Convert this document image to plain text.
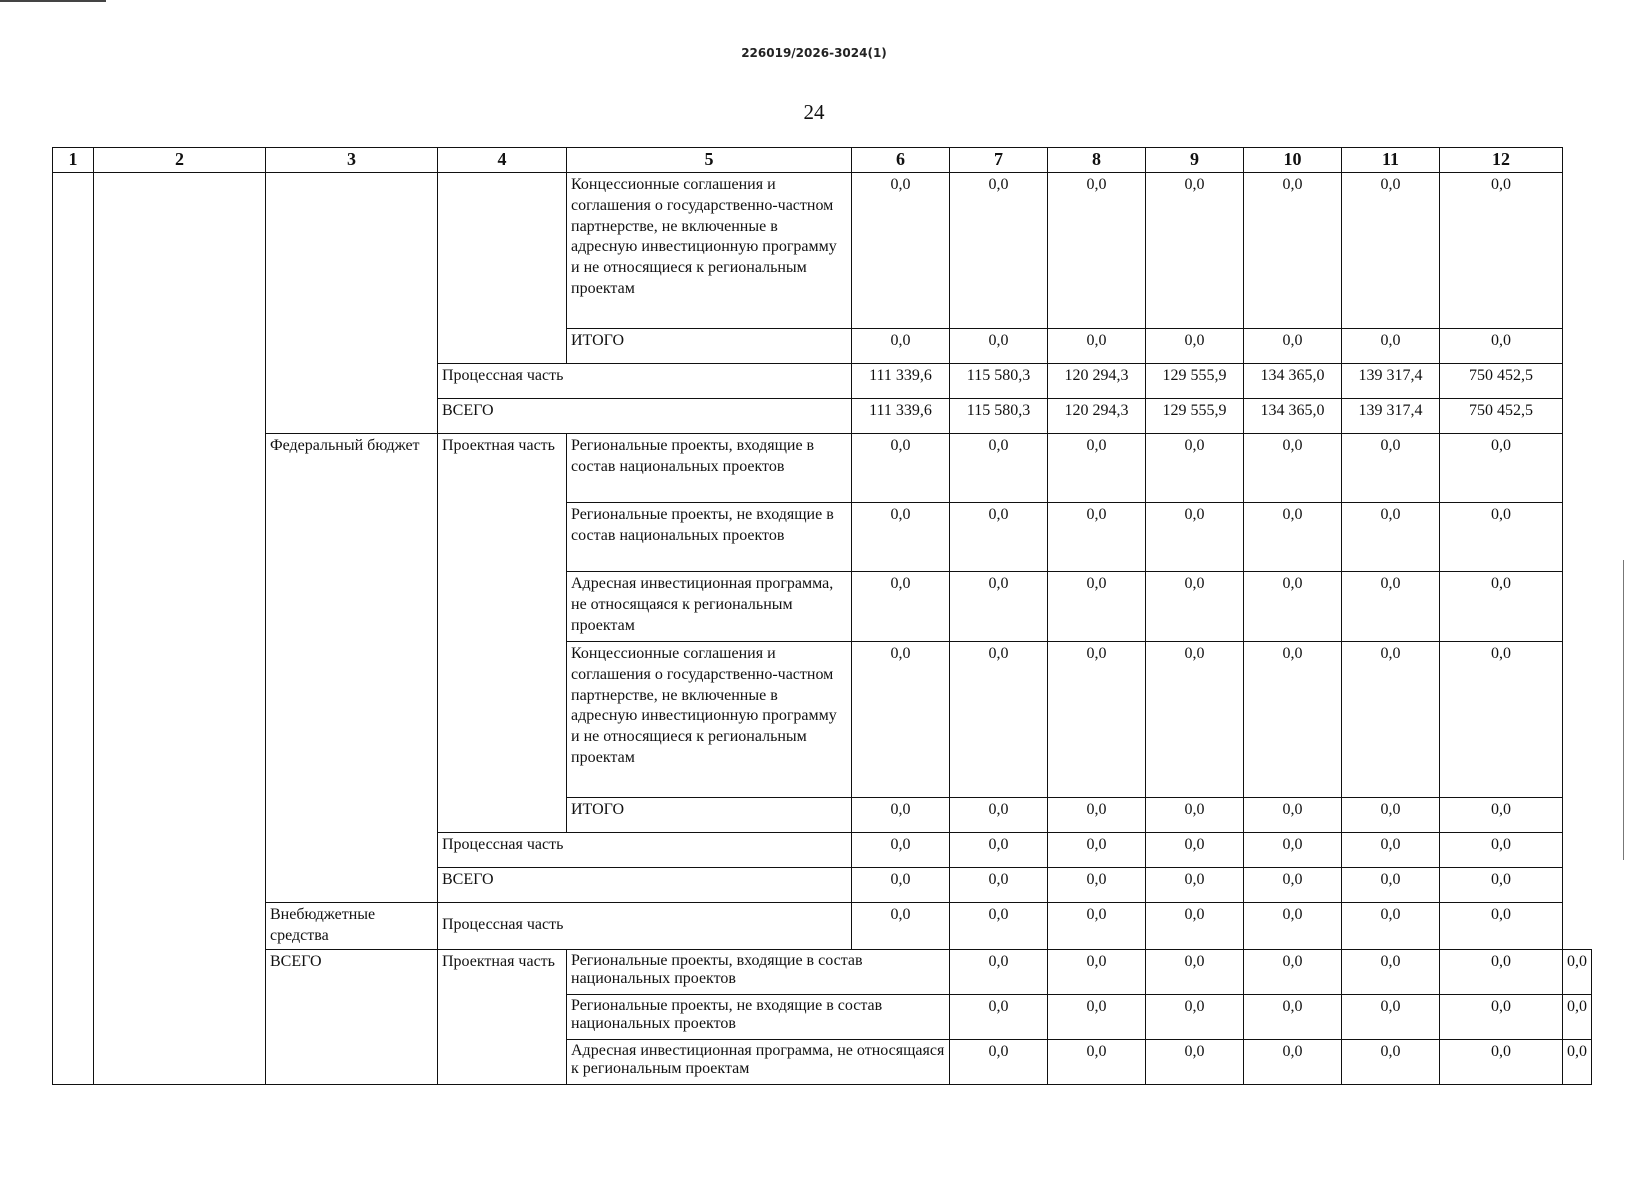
226019/2026-3024(1)
24
1	2	3	4	5	6	7	8	9	10	11	12	
				Концессионные соглашения и соглашения о государственно-частном партнерстве, не включенные в адресную инвестиционную программу и не относящиеся к региональным проектам	0,0	0,0	0,0	0,0	0,0	0,0	0,0	
				ИТОГО	0,0	0,0	0,0	0,0	0,0	0,0	0,0	
			Процессная часть		111 339,6	115 580,3	120 294,3	129 555,9	134 365,0	139 317,4	750 452,5	
			ВСЕГО		111 339,6	115 580,3	120 294,3	129 555,9	134 365,0	139 317,4	750 452,5	
		Федеральный бюджет	Проектная часть	Региональные проекты, входящие в состав национальных проектов	0,0	0,0	0,0	0,0	0,0	0,0	0,0	
				Региональные проекты, не входящие в состав национальных проектов	0,0	0,0	0,0	0,0	0,0	0,0	0,0	
				Адресная инвестиционная программа, не относящаяся к региональным проектам	0,0	0,0	0,0	0,0	0,0	0,0	0,0	
				Концессионные соглашения и соглашения о государственно-частном партнерстве, не включенные в адресную инвестиционную программу и не относящиеся к региональным проектам	0,0	0,0	0,0	0,0	0,0	0,0	0,0	
				ИТОГО	0,0	0,0	0,0	0,0	0,0	0,0	0,0	
			Процессная часть		0,0	0,0	0,0	0,0	0,0	0,0	0,0	
			ВСЕГО		0,0	0,0	0,0	0,0	0,0	0,0	0,0	
		Внебюджетные средства	Процессная часть		0,0	0,0	0,0	0,0	0,0	0,0	0,0	
		ВСЕГО	Проектная часть	Региональные проекты, входящие в состав национальных проектов		0,0	0,0	0,0	0,0	0,0	0,0	0,0
				Региональные проекты, не входящие в состав национальных проектов		0,0	0,0	0,0	0,0	0,0	0,0	0,0
				Адресная инвестиционная программа, не относящаяся к региональным проектам		0,0	0,0	0,0	0,0	0,0	0,0	0,0
